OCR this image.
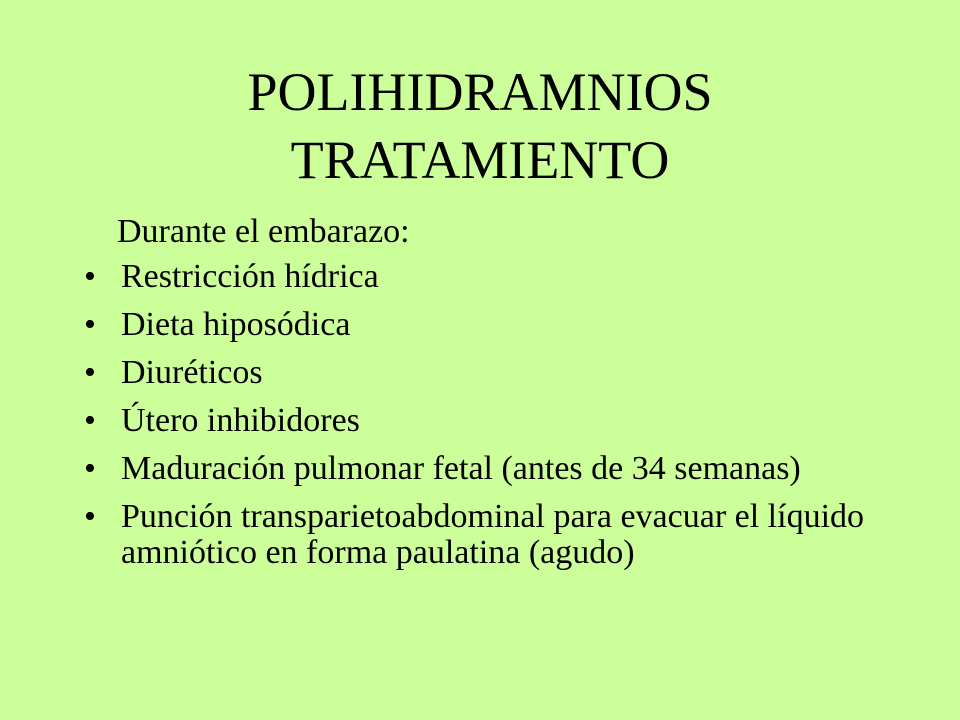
POLIHIDRAMNIOS
TRATAMIENTO
Durante el embarazo:
• Restricción hídrica
• Dieta hiposódica
• Diuréticos
• Útero inhibidores
• Maduración pulmonar fetal (antes de 34 semanas)
• Punción transparietoabdominal para evacuar el líquido amniótico en forma paulatina (agudo)
